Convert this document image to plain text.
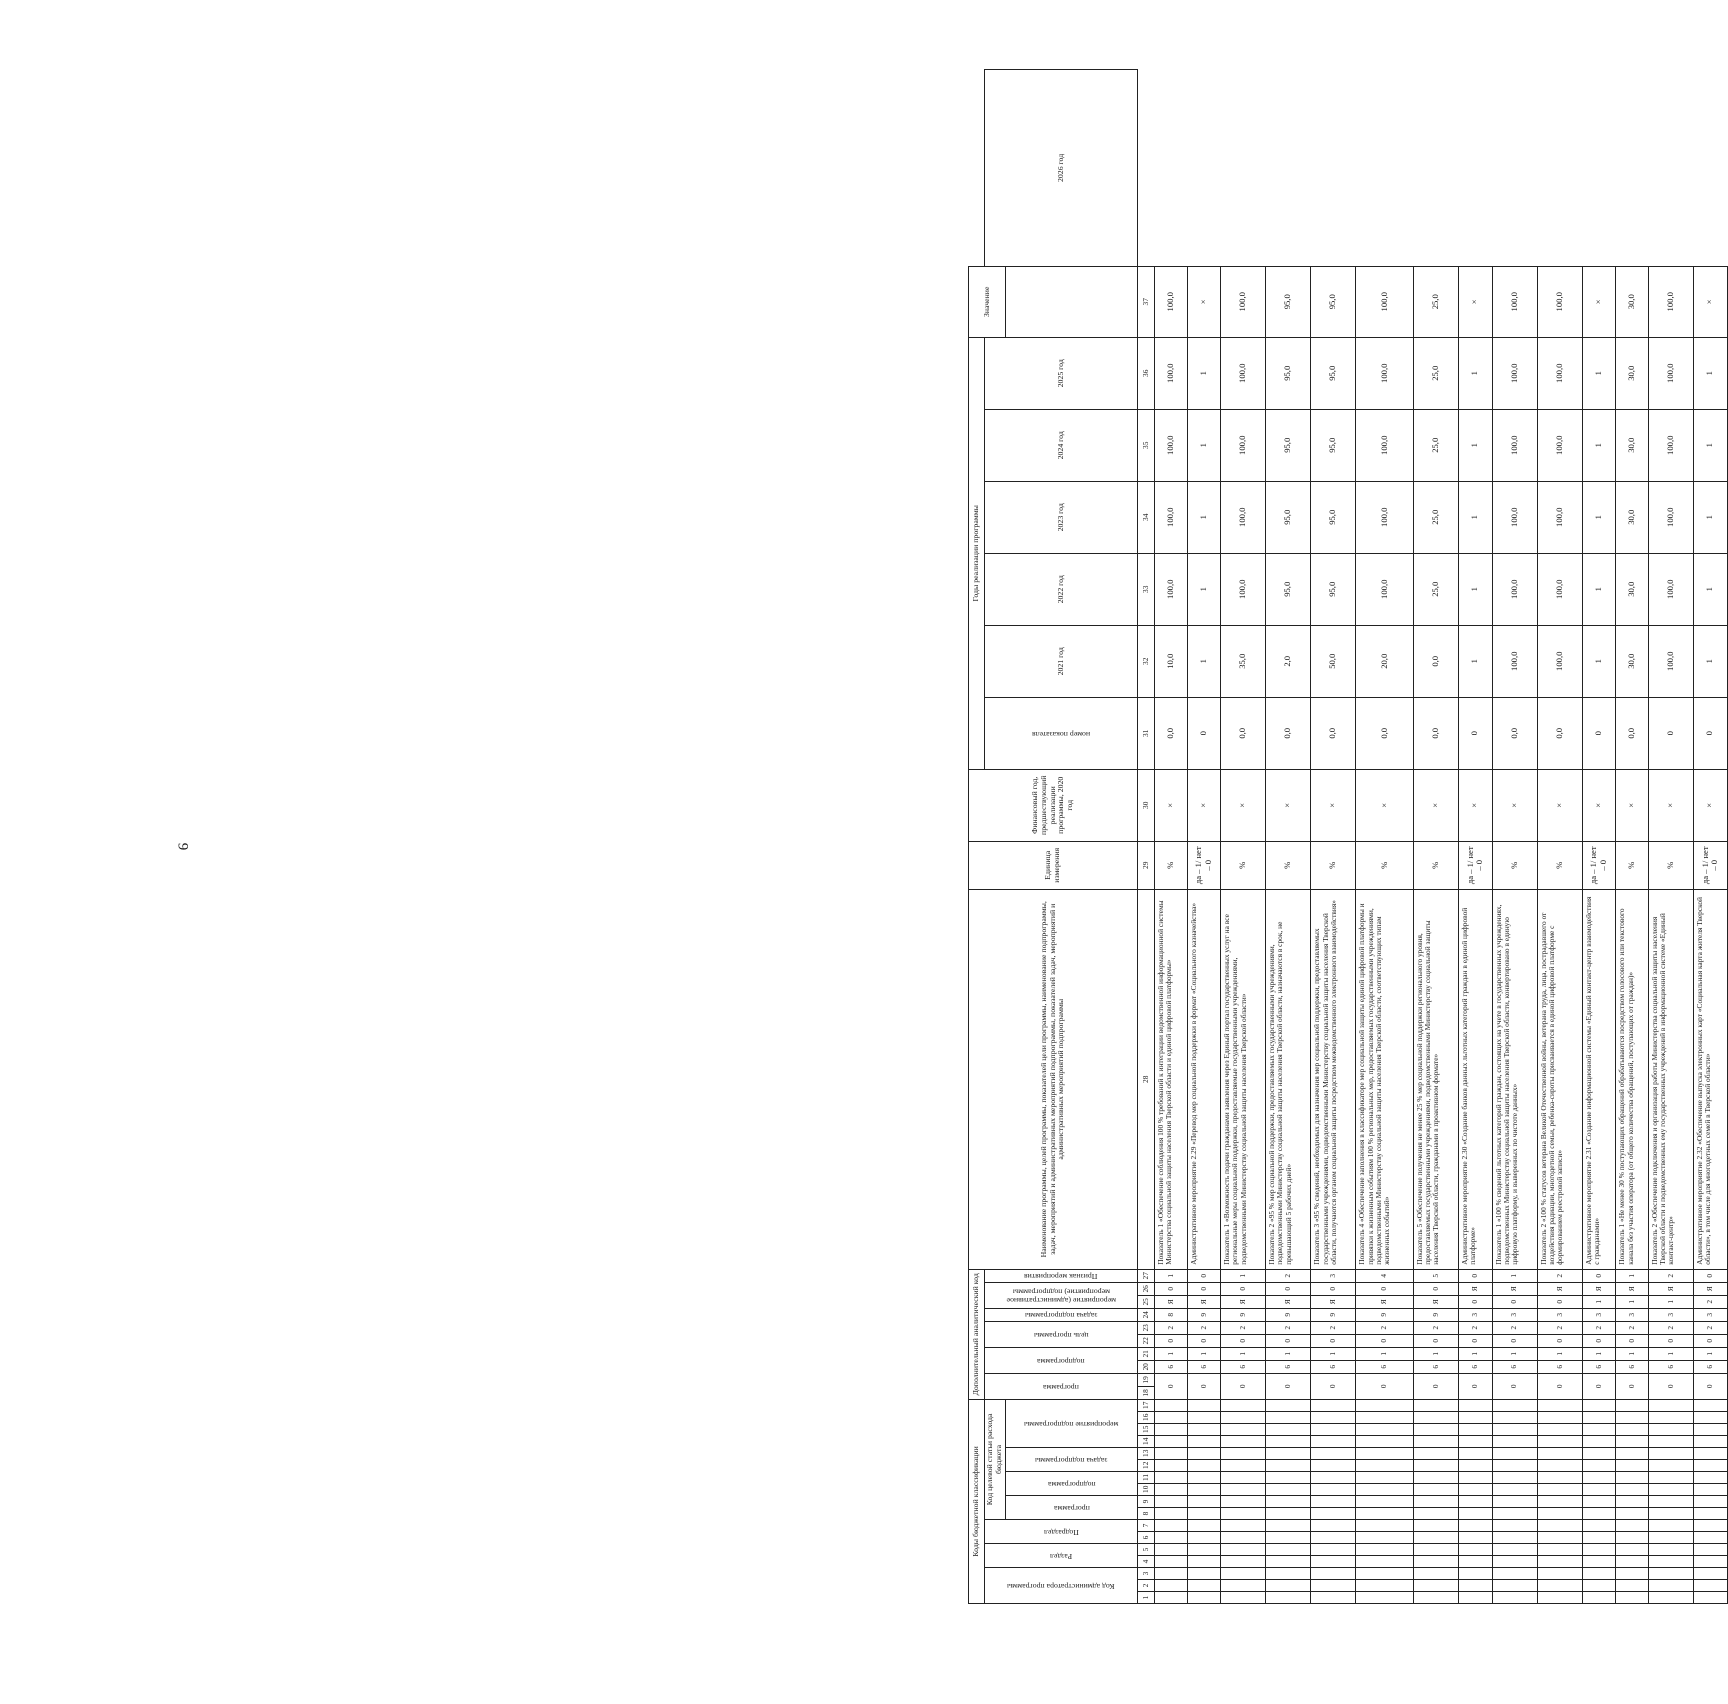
9
Коды бюджетной классификации																	Дополнительный аналитический код										Наименование программы, целей программы, показателей цели программы, наименование подпрограммы, задач, мероприятий и административных мероприятий подпрограммы, показателей задач, мероприятий и административных мероприятий подпрограммы	Единица измерения	Финансовый год, предшествующий реализации программы, 2020 год	Годы реализации программы						Значение	

Код администратора программы			Раздел		Подраздел		Код целевой статьи расхода бюджета										программа		подпрограмма		цель программы		задача подпрограммы	мероприятие (административное мероприятие) подпрограммы		Признак мероприятия				номер показателя	2021 год	2022 год	2023 год	2024 год	2025 год		2026 год

							программа		подпрограмма		задача подпрограммы		мероприятие подпрограммы																								

1	2	3	4	5	6	7	8	9	10	11	12	13	14	15	16	17	18	19	20	21	22	23	24	25	26	27	28	29	30	31	32	33	34	35	36	37	
																	0		6	1	0	2	8	Я	0	1	Показатель 1 «Обеспечение соблюдения 100 % требований к интеграции ведомственной информационной системы Министерства социальной защиты населения Тверской области и единой цифровой платформы»	%	×	0,0	10,0	100,0	100,0	100,0	100,0	100,0	
																	0		6	1	0	2	9	Я	0	0	Административное мероприятие 2.29 «Перевод мер социальной поддержки в формат «Социального казначейства»	да – 1/ нет – 0	×	0	1	1	1	1	1	×	
																	0		6	1	0	2	9	Я	0	1	Показатель 1 «Возможность подачи гражданами заявления через Единый портал государственных услуг на все региональные меры социальной поддержки, предоставляемые государственными учреждениями, подведомственными Министерству социальной защиты населения Тверской области»	%	×	0,0	35,0	100,0	100,0	100,0	100,0	100,0	
																	0		6	1	0	2	9	Я	0	2	Показатель 2 «95 % мер социальной поддержки, предоставляемых государственными учреждениями, подведомственными Министерству социальной защиты населения Тверской области, назначаются в срок, не превышающий 5 рабочих дней»	%	×	0,0	2,0	95,0	95,0	95,0	95,0	95,0	
																	0		6	1	0	2	9	Я	0	3	Показатель 3 «95 % сведений, необходимых для назначения мер социальной поддержки, предоставляемых государственными учреждениями, подведомственными Министерству социальной защиты населения Тверской области, получаются органом социальной защиты посредством межведомственного электронного взаимодействия»	%	×	0,0	50,0	95,0	95,0	95,0	95,0	95,0	
																	0		6	1	0	2	9	Я	0	4	Показатель 4 «Обеспечение заполнения в классификаторе мер социальной защиты единой цифровой платформы и привязки к жизненным событиям 100 % региональных мер, предоставляемых государственными учреждениями, подведомственными Министерству социальной защиты населения Тверской области, соответствующих типам жизненных событий»	%	×	0,0	20,0	100,0	100,0	100,0	100,0	100,0	
																	0		6	1	0	2	9	Я	0	5	Показатель 5 «Обеспечение получения не менее 25 % мер социальной поддержки регионального уровня, предоставляемых государственными учреждениями, подведомственными Министерству социальной защиты населения Тверской области, гражданами в проактивном формате»	%	×	0,0	0,0	25,0	25,0	25,0	25,0	25,0	
																	0		6	1	0	2	3	0	Я	0	Административное мероприятие 2.30 «Создание банков данных льготных категорий граждан в единой цифровой платформе»	да – 1/ нет – 0	×	0	1	1	1	1	1	×	
																	0		6	1	0	2	3	0	Я	1	Показатель 1 «100 % сведений льготных категорий граждан, состоящих на учете в государственных учреждениях, подведомственных Министерству социальной защиты населения Тверской области, конвертировано в единую цифровую платформу, и выверенных по чистоте данных»	%	×	0,0	100,0	100,0	100,0	100,0	100,0	100,0	
																	0		6	1	0	2	3	0	Я	2	Показатель 2 «100 % статусов ветерана Великой Отечественной войны, ветерана труда, лица, пострадавшего от воздействия радиации, многодетной семьи, ребенка-сироты присваивается в единой цифровой платформе с формированием реестровой записи»	%	×	0,0	100,0	100,0	100,0	100,0	100,0	100,0	
																	0		6	1	0	2	3	1	Я	0	Административное мероприятие 2.31 «Создание информационной системы «Единый контакт-центр взаимодействия с гражданами»	да – 1/ нет – 0	×	0	1	1	1	1	1	×	
																	0		6	1	0	2	3	1	Я	1	Показатель 1 «Не менее 30 % поступающих обращений обрабатываются посредством голосового или текстового канала без участия оператора (от общего количества обращений, поступающих от граждан)»	%	×	0,0	30,0	30,0	30,0	30,0	30,0	30,0	
																	0		6	1	0	2	3	1	Я	2	Показатель 2 «Обеспечение подключения и организация работы Министерства социальной защиты населения Тверской области и подведомственных ему государственных учреждений в информационной системе «Единый контакт-центр»	%	×	0	100,0	100,0	100,0	100,0	100,0	100,0	
																	0		6	1	0	2	3	2	Я	0	Административное мероприятие 2.32 «Обеспечение выпуска электронных карт «Социальная карта жителя Тверской области», в том числе для многодетных семей в Тверской области»	да – 1/ нет – 0	×	0	1	1	1	1	1	×	
